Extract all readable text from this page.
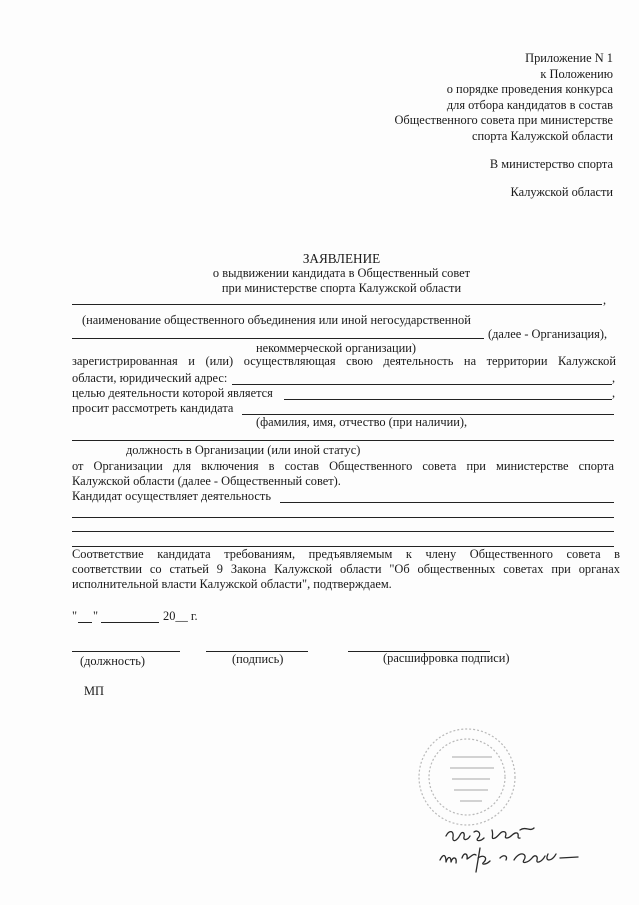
Приложение N 1
к Положению
о порядке проведения конкурса
для отбора кандидатов в состав
Общественного совета при министерстве
спорта Калужской области
В министерство спорта
Калужской области
ЗАЯВЛЕНИЕ
о выдвижении кандидата в Общественный совет
при министерстве спорта Калужской области
,
(наименование общественного объединения или иной негосударственной
(далее - Организация),
некоммерческой организации)
зарегистрированная и (или) осуществляющая свою деятельность на территории Калужской
области, юридический адрес:	,
целью деятельности которой является	,
просит рассмотреть кандидата
(фамилия, имя, отчество (при наличии),
должность в Организации (или иной статус)
от Организации для включения в состав Общественного совета при министерстве спорта
Калужской области (далее - Общественный совет).
Кандидат осуществляет деятельность
Соответствие кандидата требованиям, предъявляемым к члену Общественного совета в
соответствии со статьей 9 Закона Калужской области "Об общественных советах при органах
исполнительной власти Калужской области", подтверждаем.
" "	20__ г.
(должность)	(подпись)	(расшифровка подписи)
МП
